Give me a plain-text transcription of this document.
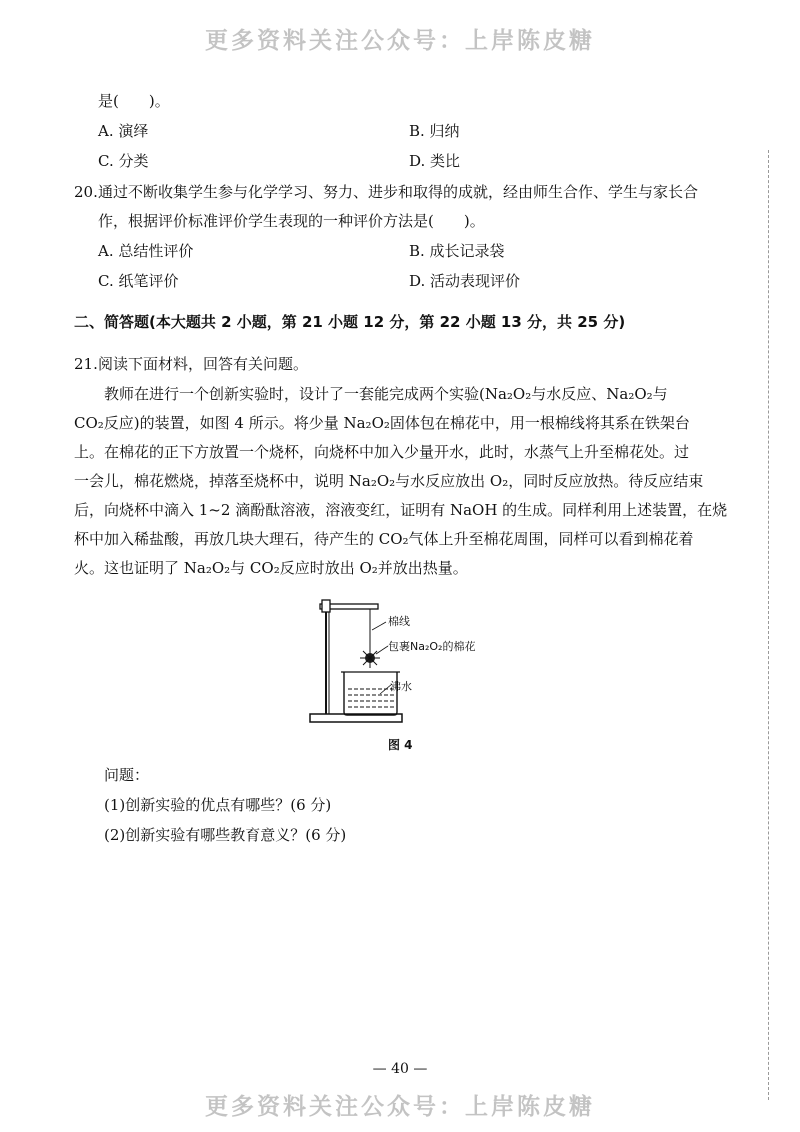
更多资料关注公众号：上岸陈皮糖
是(　　)。
A. 演绎	B. 归纳
C. 分类	D. 类比
20. 通过不断收集学生参与化学学习、努力、进步和取得的成就，经由师生合作、学生与家长合
作，根据评价标准评价学生表现的一种评价方法是(　　)。
A. 总结性评价	B. 成长记录袋
C. 纸笔评价	D. 活动表现评价
二、简答题(本大题共 2 小题，第 21 小题 12 分，第 22 小题 13 分，共 25 分)
21. 阅读下面材料，回答有关问题。
教师在进行一个创新实验时，设计了一套能完成两个实验(Na₂O₂与水反应、Na₂O₂与
CO₂反应)的装置，如图 4 所示。将少量 Na₂O₂固体包在棉花中，用一根棉线将其系在铁架台
上。在棉花的正下方放置一个烧杯，向烧杯中加入少量开水，此时，水蒸气上升至棉花处。过
一会儿，棉花燃烧，掉落至烧杯中，说明 Na₂O₂与水反应放出 O₂，同时反应放热。待反应结束
后，向烧杯中滴入 1~2 滴酚酞溶液，溶液变红，证明有 NaOH 的生成。同样利用上述装置，在烧
杯中加入稀盐酸，再放几块大理石，待产生的 CO₂气体上升至棉花周围，同样可以看到棉花着
火。这也证明了 Na₂O₂与 CO₂反应时放出 O₂并放出热量。
棉线
包裹Na₂O₂的棉花
沸水
图 4
问题：
(1)创新实验的优点有哪些？(6 分)
(2)创新实验有哪些教育意义？(6 分)
— 40 —
更多资料关注公众号：上岸陈皮糖
